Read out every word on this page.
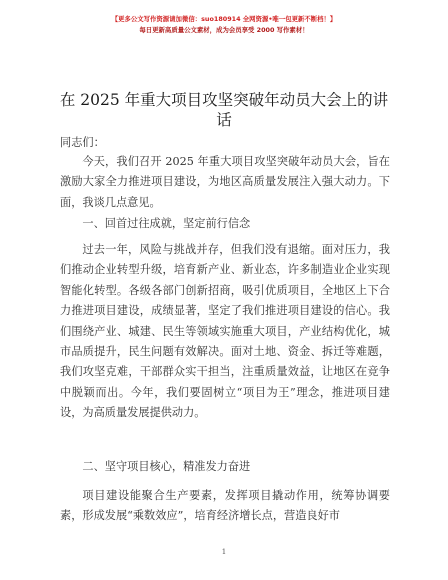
【更多公文写作资源请加微信：suo180914 全网资源•唯一包更新不断档！】
每日更新高质量公文素材，成为会员享受 2000 写作素材！
在 2025 年重大项目攻坚突破年动员大会上的讲话
同志们：
今天，我们召开 2025 年重大项目攻坚突破年动员大会，旨在激励大家全力推进项目建设，为地区高质量发展注入强大动力。下面，我谈几点意见。
一、回首过往成就，坚定前行信念
过去一年，风险与挑战并存，但我们没有退缩。面对压力，我们推动企业转型升级，培育新产业、新业态，许多制造业企业实现智能化转型。各级各部门创新招商，吸引优质项目，全地区上下合力推进项目建设，成绩显著，坚定了我们推进项目建设的信心。我们围绕产业、城建、民生等领域实施重大项目，产业结构优化，城市品质提升，民生问题有效解决。面对土地、资金、拆迁等难题，我们攻坚克难，干部群众实干担当，注重质量效益，让地区在竞争中脱颖而出。今年，我们要固树立“项目为王”理念，推进项目建设，为高质量发展提供动力。
二、坚守项目核心，精准发力奋进
项目建设能聚合生产要素，发挥项目撬动作用，统筹协调要素，形成发展“乘数效应”，培育经济增长点，营造良好市
1
